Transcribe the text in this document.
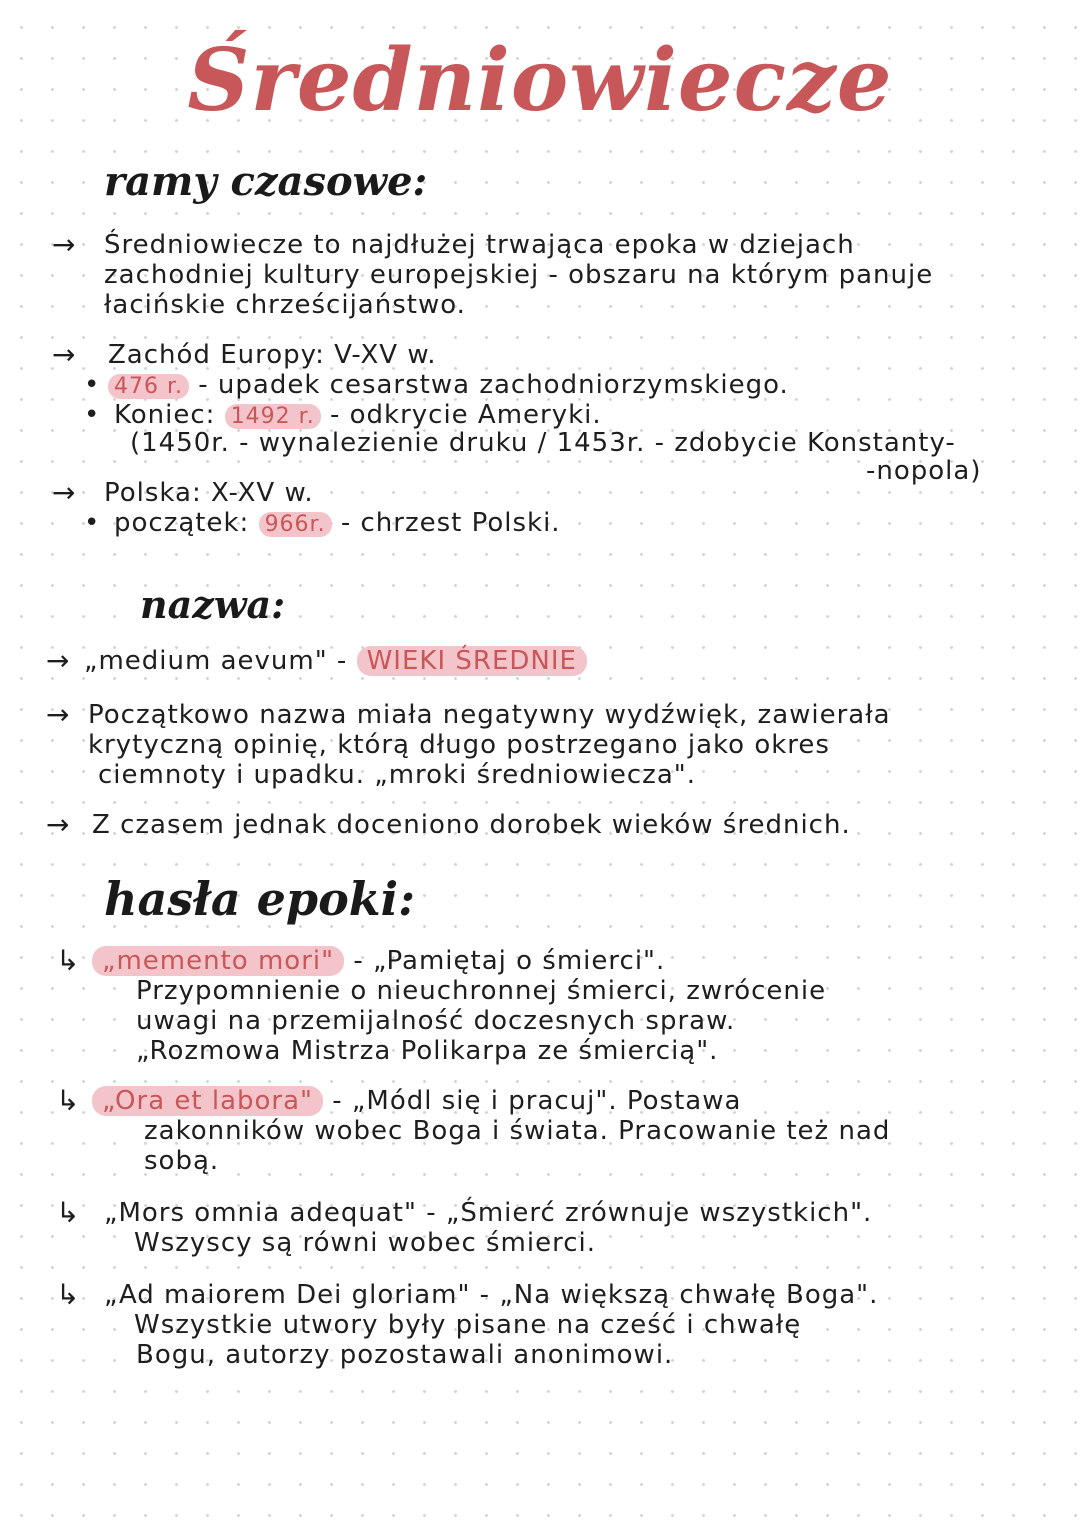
Średniowiecze
ramy czasowe:
→ Średniowiecze to najdłużej trwająca epoka w dziejach
zachodniej kultury europejskiej - obszaru na którym panuje
łacińskie chrześcijaństwo.
→ Zachód Europy: V-XV w.
• 476 r. - upadek cesarstwa zachodniorzymskiego.
• Koniec: 1492 r. - odkrycie Ameryki.
(1450r. - wynalezienie druku / 1453r. - zdobycie Konstanty-
-nopola)
→ Polska: X-XV w.
• początek: 966r. - chrzest Polski.
nazwa:
→ „medium aevum" - WIEKI ŚREDNIE
→ Początkowo nazwa miała negatywny wydźwięk, zawierała
krytyczną opinię, którą długo postrzegano jako okres
ciemnoty i upadku. „mroki średniowiecza".
→ Z czasem jednak doceniono dorobek wieków średnich.
hasła epoki:
↳ „memento mori" - „Pamiętaj o śmierci".
Przypomnienie o nieuchronnej śmierci, zwrócenie
uwagi na przemijalność doczesnych spraw.
„Rozmowa Mistrza Polikarpa ze śmiercią".
↳ „Ora et labora" - „Módl się i pracuj". Postawa
zakonników wobec Boga i świata. Pracowanie też nad
sobą.
↳ „Mors omnia adequat" - „Śmierć zrównuje wszystkich".
Wszyscy są równi wobec śmierci.
↳ „Ad maiorem Dei gloriam" - „Na większą chwałę Boga".
Wszystkie utwory były pisane na cześć i chwałę
Bogu, autorzy pozostawali anonimowi.
